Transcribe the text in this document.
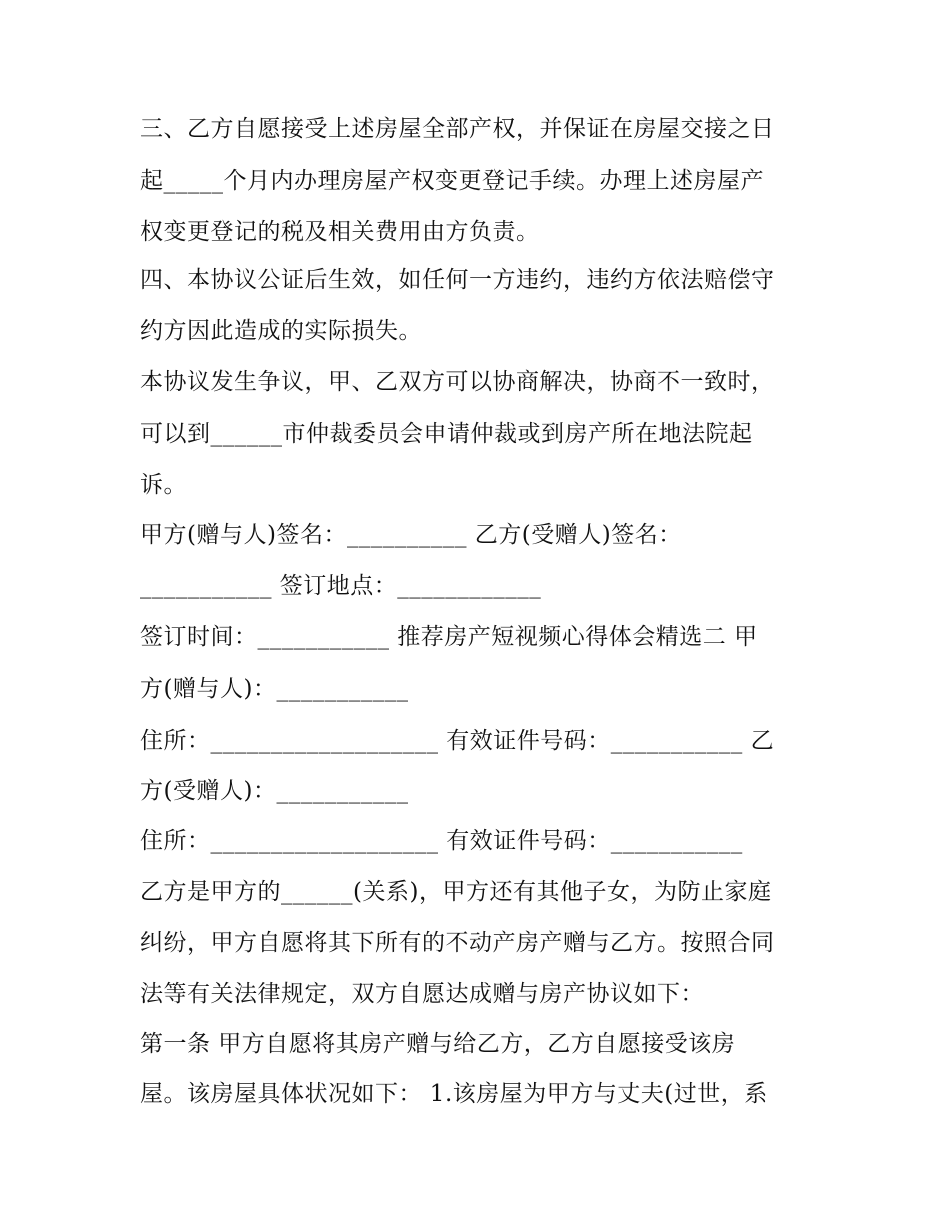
三、乙方自愿接受上述房屋全部产权，并保证在房屋交接之日
起_____个月内办理房屋产权变更登记手续。办理上述房屋产
权变更登记的税及相关费用由方负责。
四、本协议公证后生效，如任何一方违约，违约方依法赔偿守
约方因此造成的实际损失。
本协议发生争议，甲、乙双方可以协商解决，协商不一致时，
可以到______市仲裁委员会申请仲裁或到房产所在地法院起
诉。
甲方(赠与人)签名：__________ 乙方(受赠人)签名：
___________ 签订地点：____________
签订时间：___________ 推荐房产短视频心得体会精选二 甲
方(赠与人)：___________
住所：___________________ 有效证件号码：___________ 乙
方(受赠人)：___________
住所：___________________ 有效证件号码：___________
乙方是甲方的______(关系)，甲方还有其他子女，为防止家庭
纠纷，甲方自愿将其下所有的不动产房产赠与乙方。按照合同
法等有关法律规定，双方自愿达成赠与房产协议如下：
第一条 甲方自愿将其房产赠与给乙方，乙方自愿接受该房
屋。该房屋具体状况如下： 1.该房屋为甲方与丈夫(过世，系
